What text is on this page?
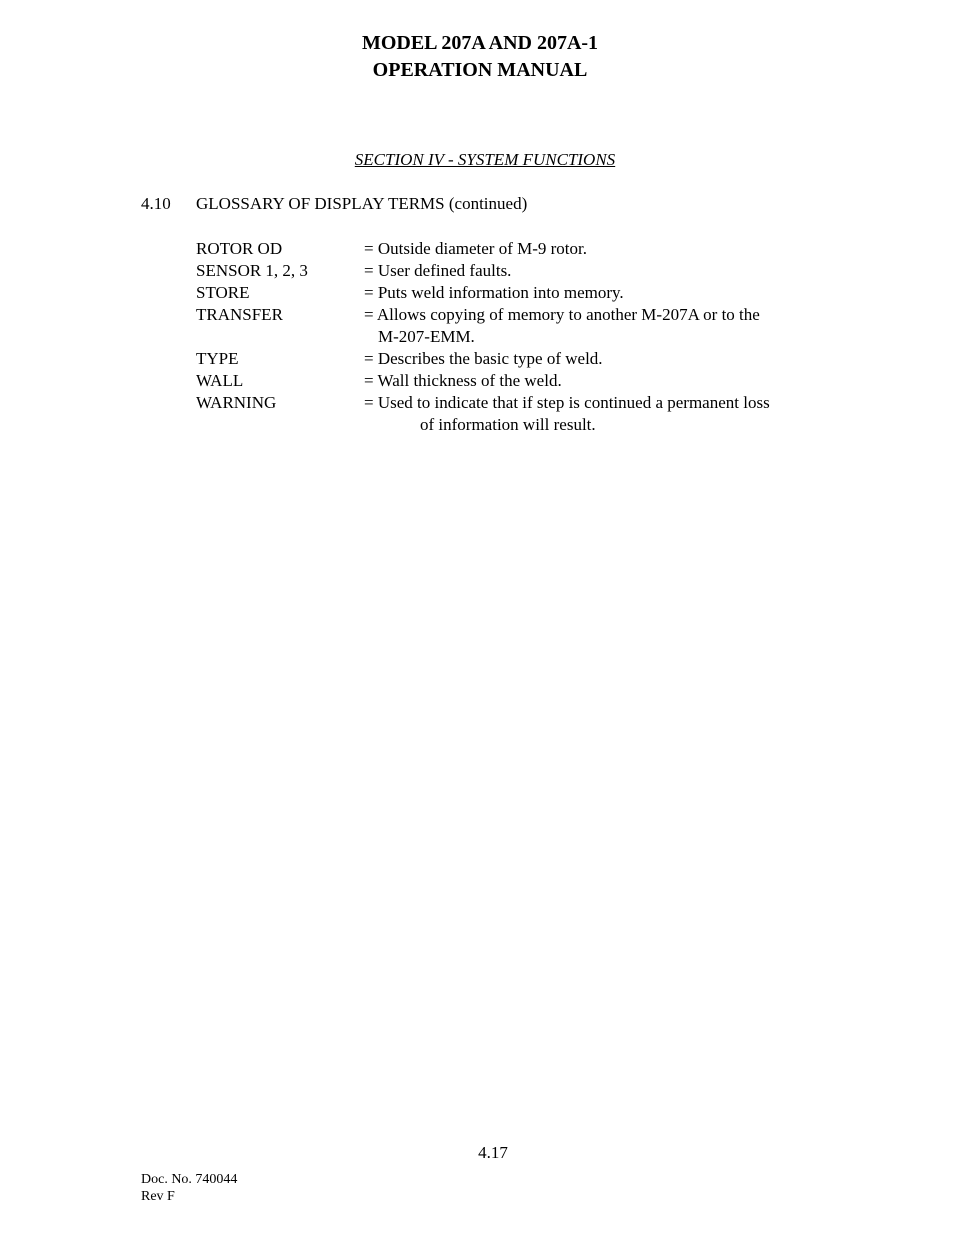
MODEL 207A AND 207A-1
OPERATION MANUAL
SECTION IV - SYSTEM FUNCTIONS
4.10	GLOSSARY OF DISPLAY TERMS (continued)
ROTOR OD	= Outside diameter of M-9 rotor.
SENSOR 1, 2, 3	= User defined faults.
STORE	= Puts weld information into memory.
TRANSFER	= Allows copying of memory to another M-207A or to the
M-207-EMM.
TYPE	= Describes the basic type of weld.
WALL	= Wall thickness of the weld.
WARNING	= Used to indicate that if step is continued a permanent loss
of information will result.
4.17
Doc. No. 740044
Rev F
